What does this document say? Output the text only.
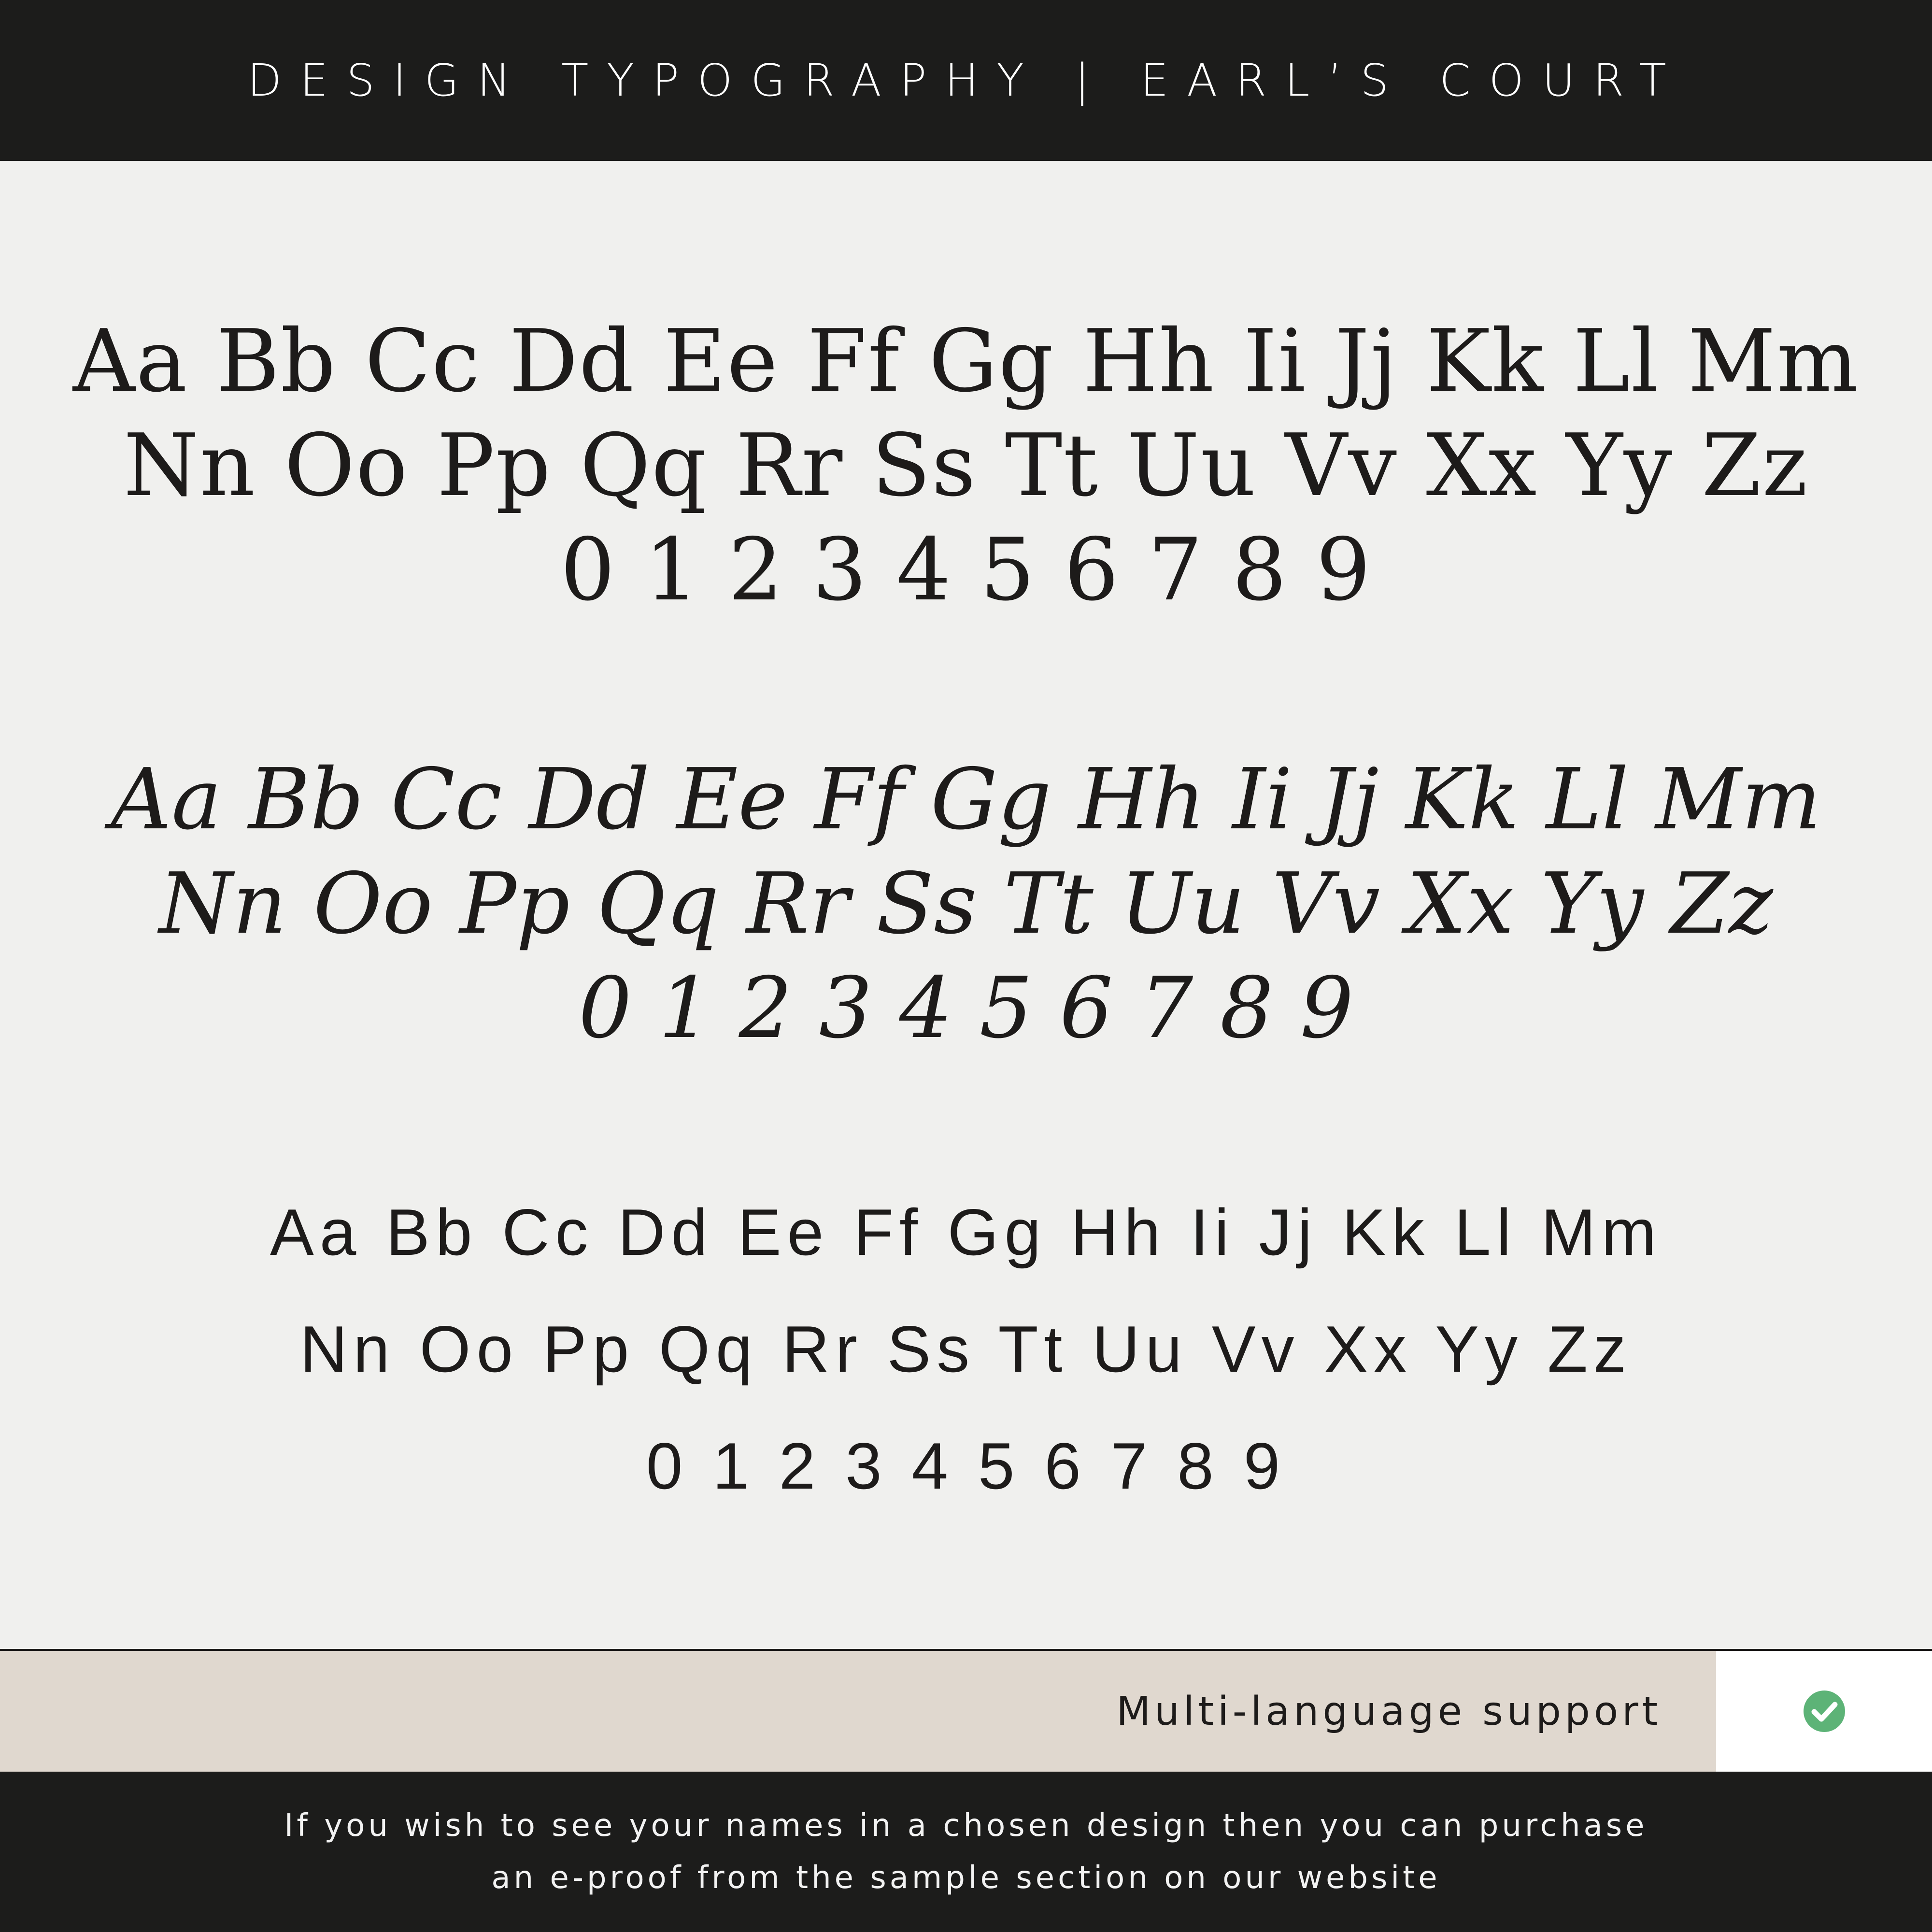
DESIGN TYPOGRAPHY | EARL’S COURT
Aa Bb Cc Dd Ee Ff Gg Hh Ii Jj Kk Ll Mm
Nn Oo Pp Qq Rr Ss Tt Uu Vv Xx Yy Zz
0 1 2 3 4 5 6 7 8 9
Aa Bb Cc Dd Ee Ff Gg Hh Ii Jj Kk Ll Mm
Nn Oo Pp Qq Rr Ss Tt Uu Vv Xx Yy Zz
0 1 2 3 4 5 6 7 8 9
Aa Bb Cc Dd Ee Ff Gg Hh Ii Jj Kk Ll Mm
Nn Oo Pp Qq Rr Ss Tt Uu Vv Xx Yy Zz
0 1 2 3 4 5 6 7 8 9
Multi-language support
If you wish to see your names in a chosen design then you can purchase
an e-proof from the sample section on our website
